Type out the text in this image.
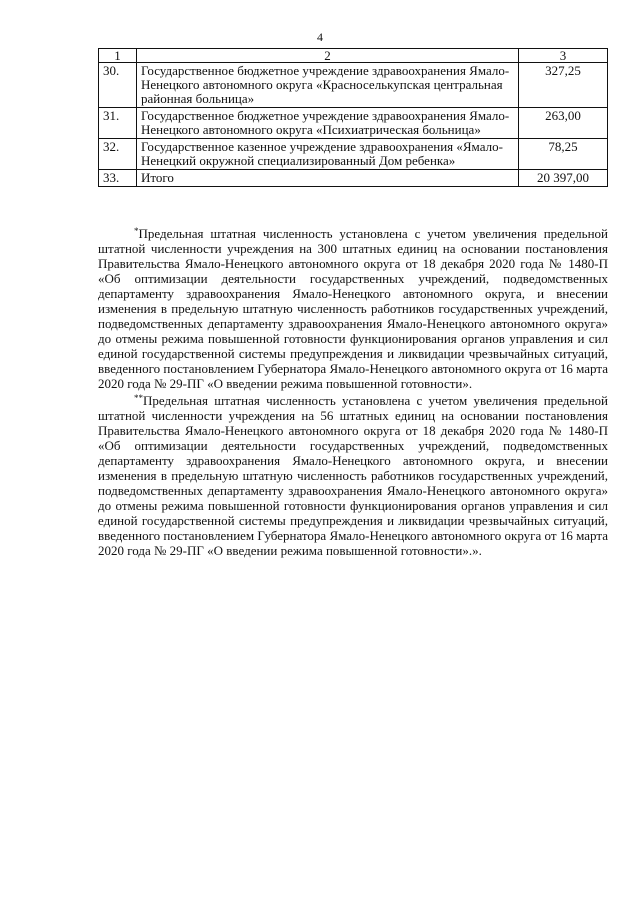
4
1	2	3
30.	Государственное бюджетное учреждение здравоохранения Ямало-Ненецкого автономного округа «Красноселькупская центральная районная больница»	327,25
31.	Государственное бюджетное учреждение здравоохранения Ямало-Ненецкого автономного округа «Психиатрическая больница»	263,00
32.	Государственное казенное учреждение здравоохранения «Ямало-Ненецкий окружной специализированный Дом ребенка»	78,25
33.	Итого	20 397,00

*Предельная штатная численность установлена с учетом увеличения предельной штатной численности учреждения на 300 штатных единиц на основании постановления Правительства Ямало-Ненецкого автономного округа от 18 декабря 2020 года № 1480-П «Об оптимизации деятельности государственных учреждений, подведомственных департаменту здравоохранения Ямало-Ненецкого автономного округа, и внесении изменения в предельную штатную численность работников государственных учреждений, подведомственных департаменту здравоохранения Ямало-Ненецкого автономного округа» до отмены режима повышенной готовности функционирования органов управления и сил единой государственной системы предупреждения и ликвидации чрезвычайных ситуаций, введенного постановлением Губернатора Ямало-Ненецкого автономного округа от 16 марта 2020 года № 29-ПГ «О введении режима повышенной готовности».

**Предельная штатная численность установлена с учетом увеличения предельной штатной численности учреждения на 56 штатных единиц на основании постановления Правительства Ямало-Ненецкого автономного округа от 18 декабря 2020 года № 1480-П «Об оптимизации деятельности государственных учреждений, подведомственных департаменту здравоохранения Ямало-Ненецкого автономного округа, и внесении изменения в предельную штатную численность работников государственных учреждений, подведомственных департаменту здравоохранения Ямало-Ненецкого автономного округа» до отмены режима повышенной готовности функционирования органов управления и сил единой государственной системы предупреждения и ликвидации чрезвычайных ситуаций, введенного постановлением Губернатора Ямало-Ненецкого автономного округа от 16 марта 2020 года № 29-ПГ «О введении режима повышенной готовности».».
